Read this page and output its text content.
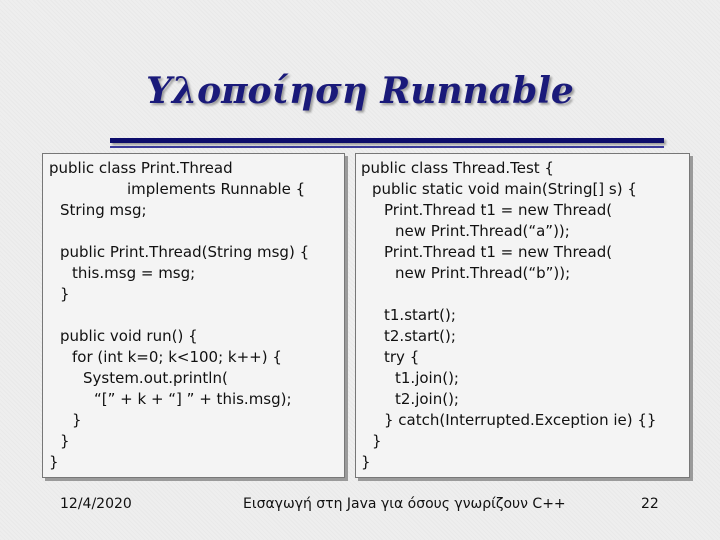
Υλοποίηση Runnable
public class Print.Thread
implements Runnable {
String msg;
public Print.Thread(String msg) {
this.msg = msg;
}
public void run() {
for (int k=0; k<100; k++) {
System.out.println(
“[” + k + “] ” + this.msg);
}
}
}
public class Thread.Test {
public static void main(String[] s) {
Print.Thread t1 = new Thread(
new Print.Thread(“a”));
Print.Thread t1 = new Thread(
new Print.Thread(“b”));
t1.start();
t2.start();
try {
t1.join();
t2.join();
} catch(Interrupted.Exception ie) {}
}
}
12/4/2020	Εισαγωγή στη Java για όσους γνωρίζουν C++	22
